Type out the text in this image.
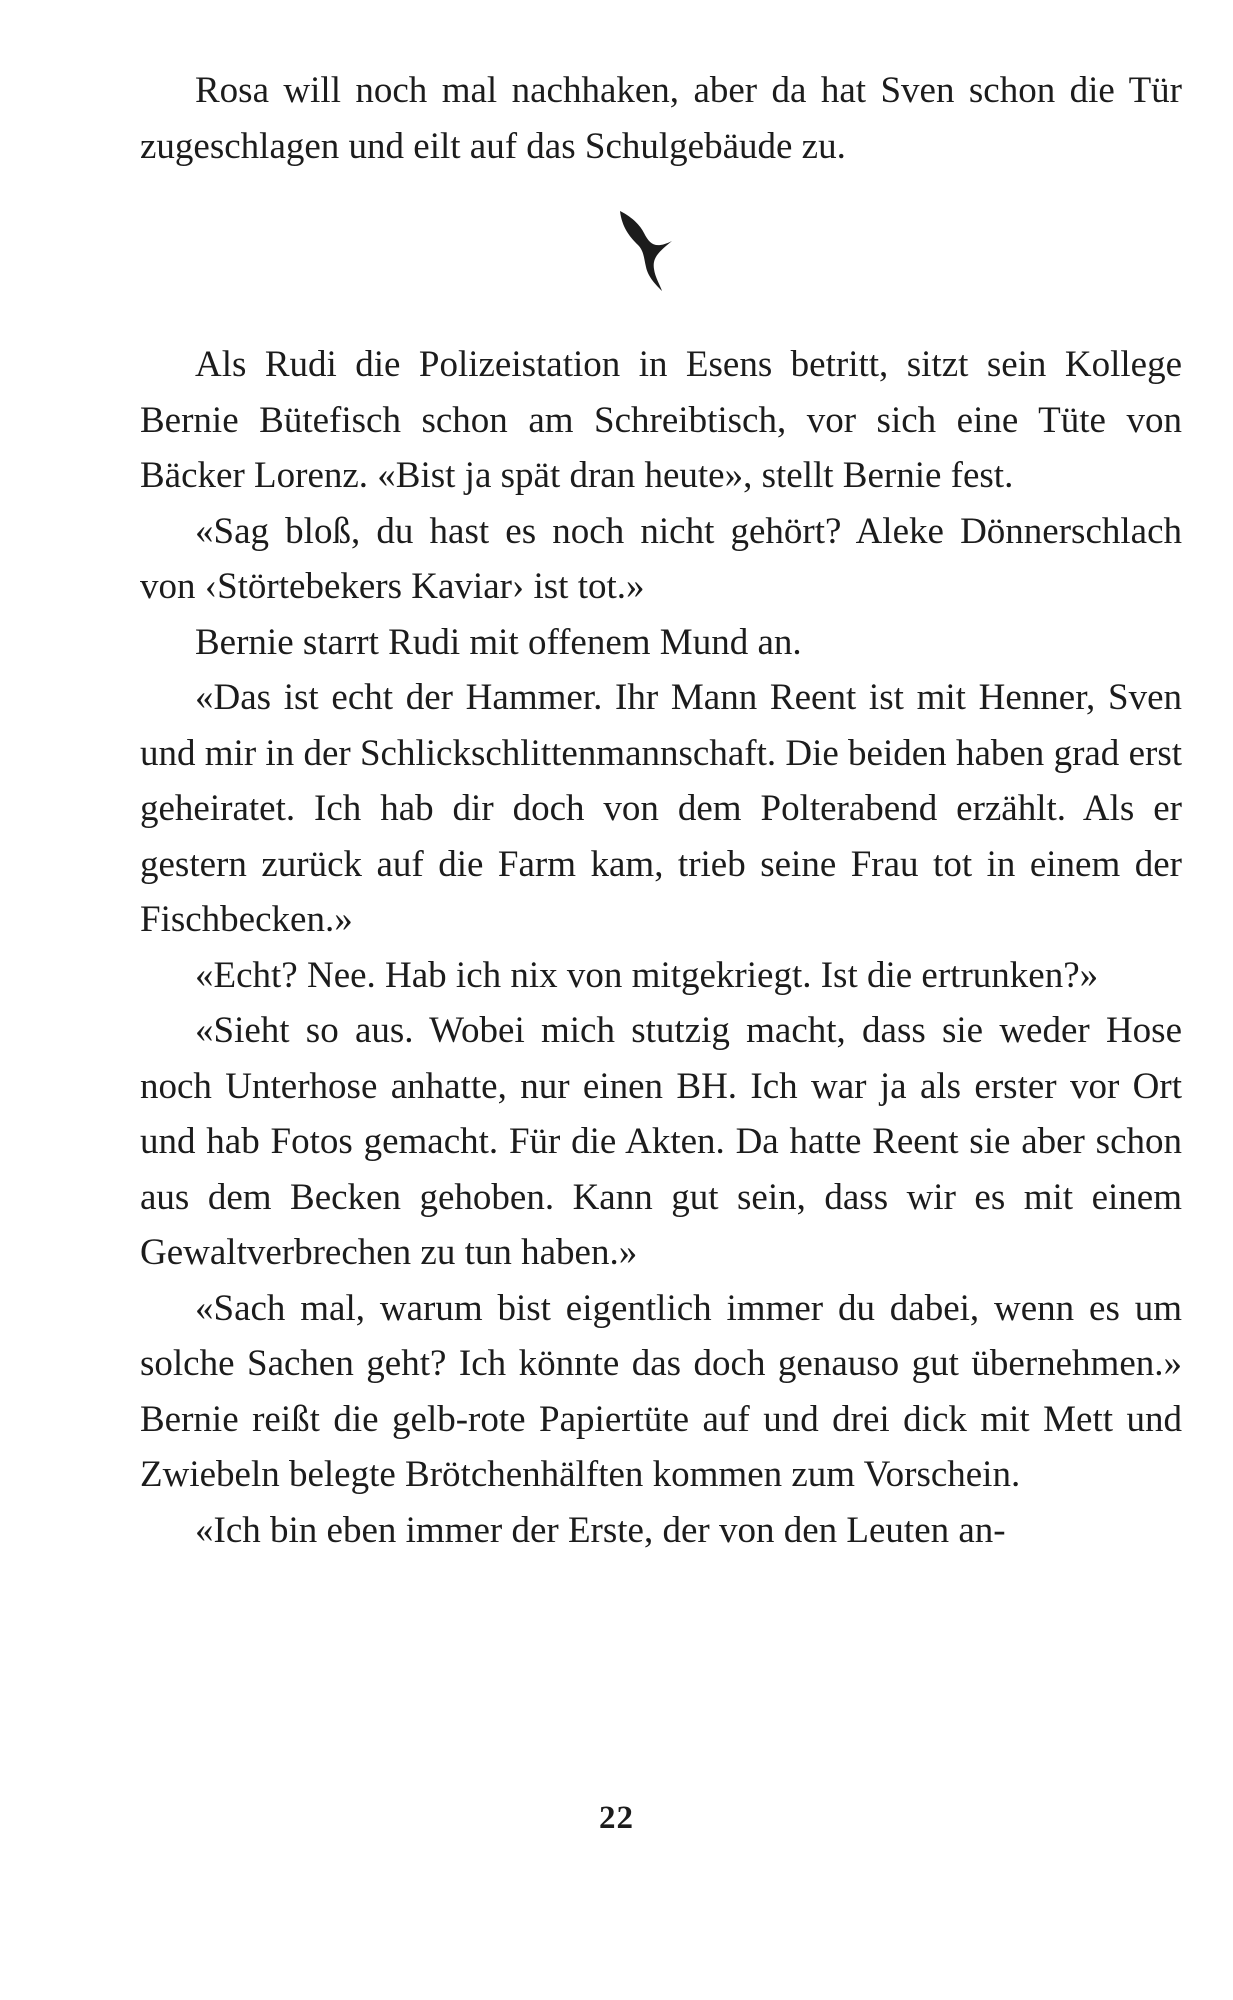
Rosa will noch mal nachhaken, aber da hat Sven schon die Tür zugeschlagen und eilt auf das Schulgebäude zu.

Als Rudi die Polizeistation in Esens betritt, sitzt sein Kollege Bernie Bütefisch schon am Schreibtisch, vor sich eine Tüte von Bäcker Lorenz. «Bist ja spät dran heute», stellt Bernie fest.

«Sag bloß, du hast es noch nicht gehört? Aleke Dönnerschlach von ‹Störtebekers Kaviar› ist tot.»

Bernie starrt Rudi mit offenem Mund an.

«Das ist echt der Hammer. Ihr Mann Reent ist mit Henner, Sven und mir in der Schlickschlittenmannschaft. Die beiden haben grad erst geheiratet. Ich hab dir doch von dem Polterabend erzählt. Als er gestern zurück auf die Farm kam, trieb seine Frau tot in einem der Fischbecken.»

«Echt? Nee. Hab ich nix von mitgekriegt. Ist die ertrunken?»

«Sieht so aus. Wobei mich stutzig macht, dass sie weder Hose noch Unterhose anhatte, nur einen BH. Ich war ja als erster vor Ort und hab Fotos gemacht. Für die Akten. Da hatte Reent sie aber schon aus dem Becken gehoben. Kann gut sein, dass wir es mit einem Gewaltverbrechen zu tun haben.»

«Sach mal, warum bist eigentlich immer du dabei, wenn es um solche Sachen geht? Ich könnte das doch genauso gut übernehmen.» Bernie reißt die gelb-rote Papiertüte auf und drei dick mit Mett und Zwiebeln belegte Brötchenhälften kommen zum Vorschein.

«Ich bin eben immer der Erste, der von den Leuten an-

22
